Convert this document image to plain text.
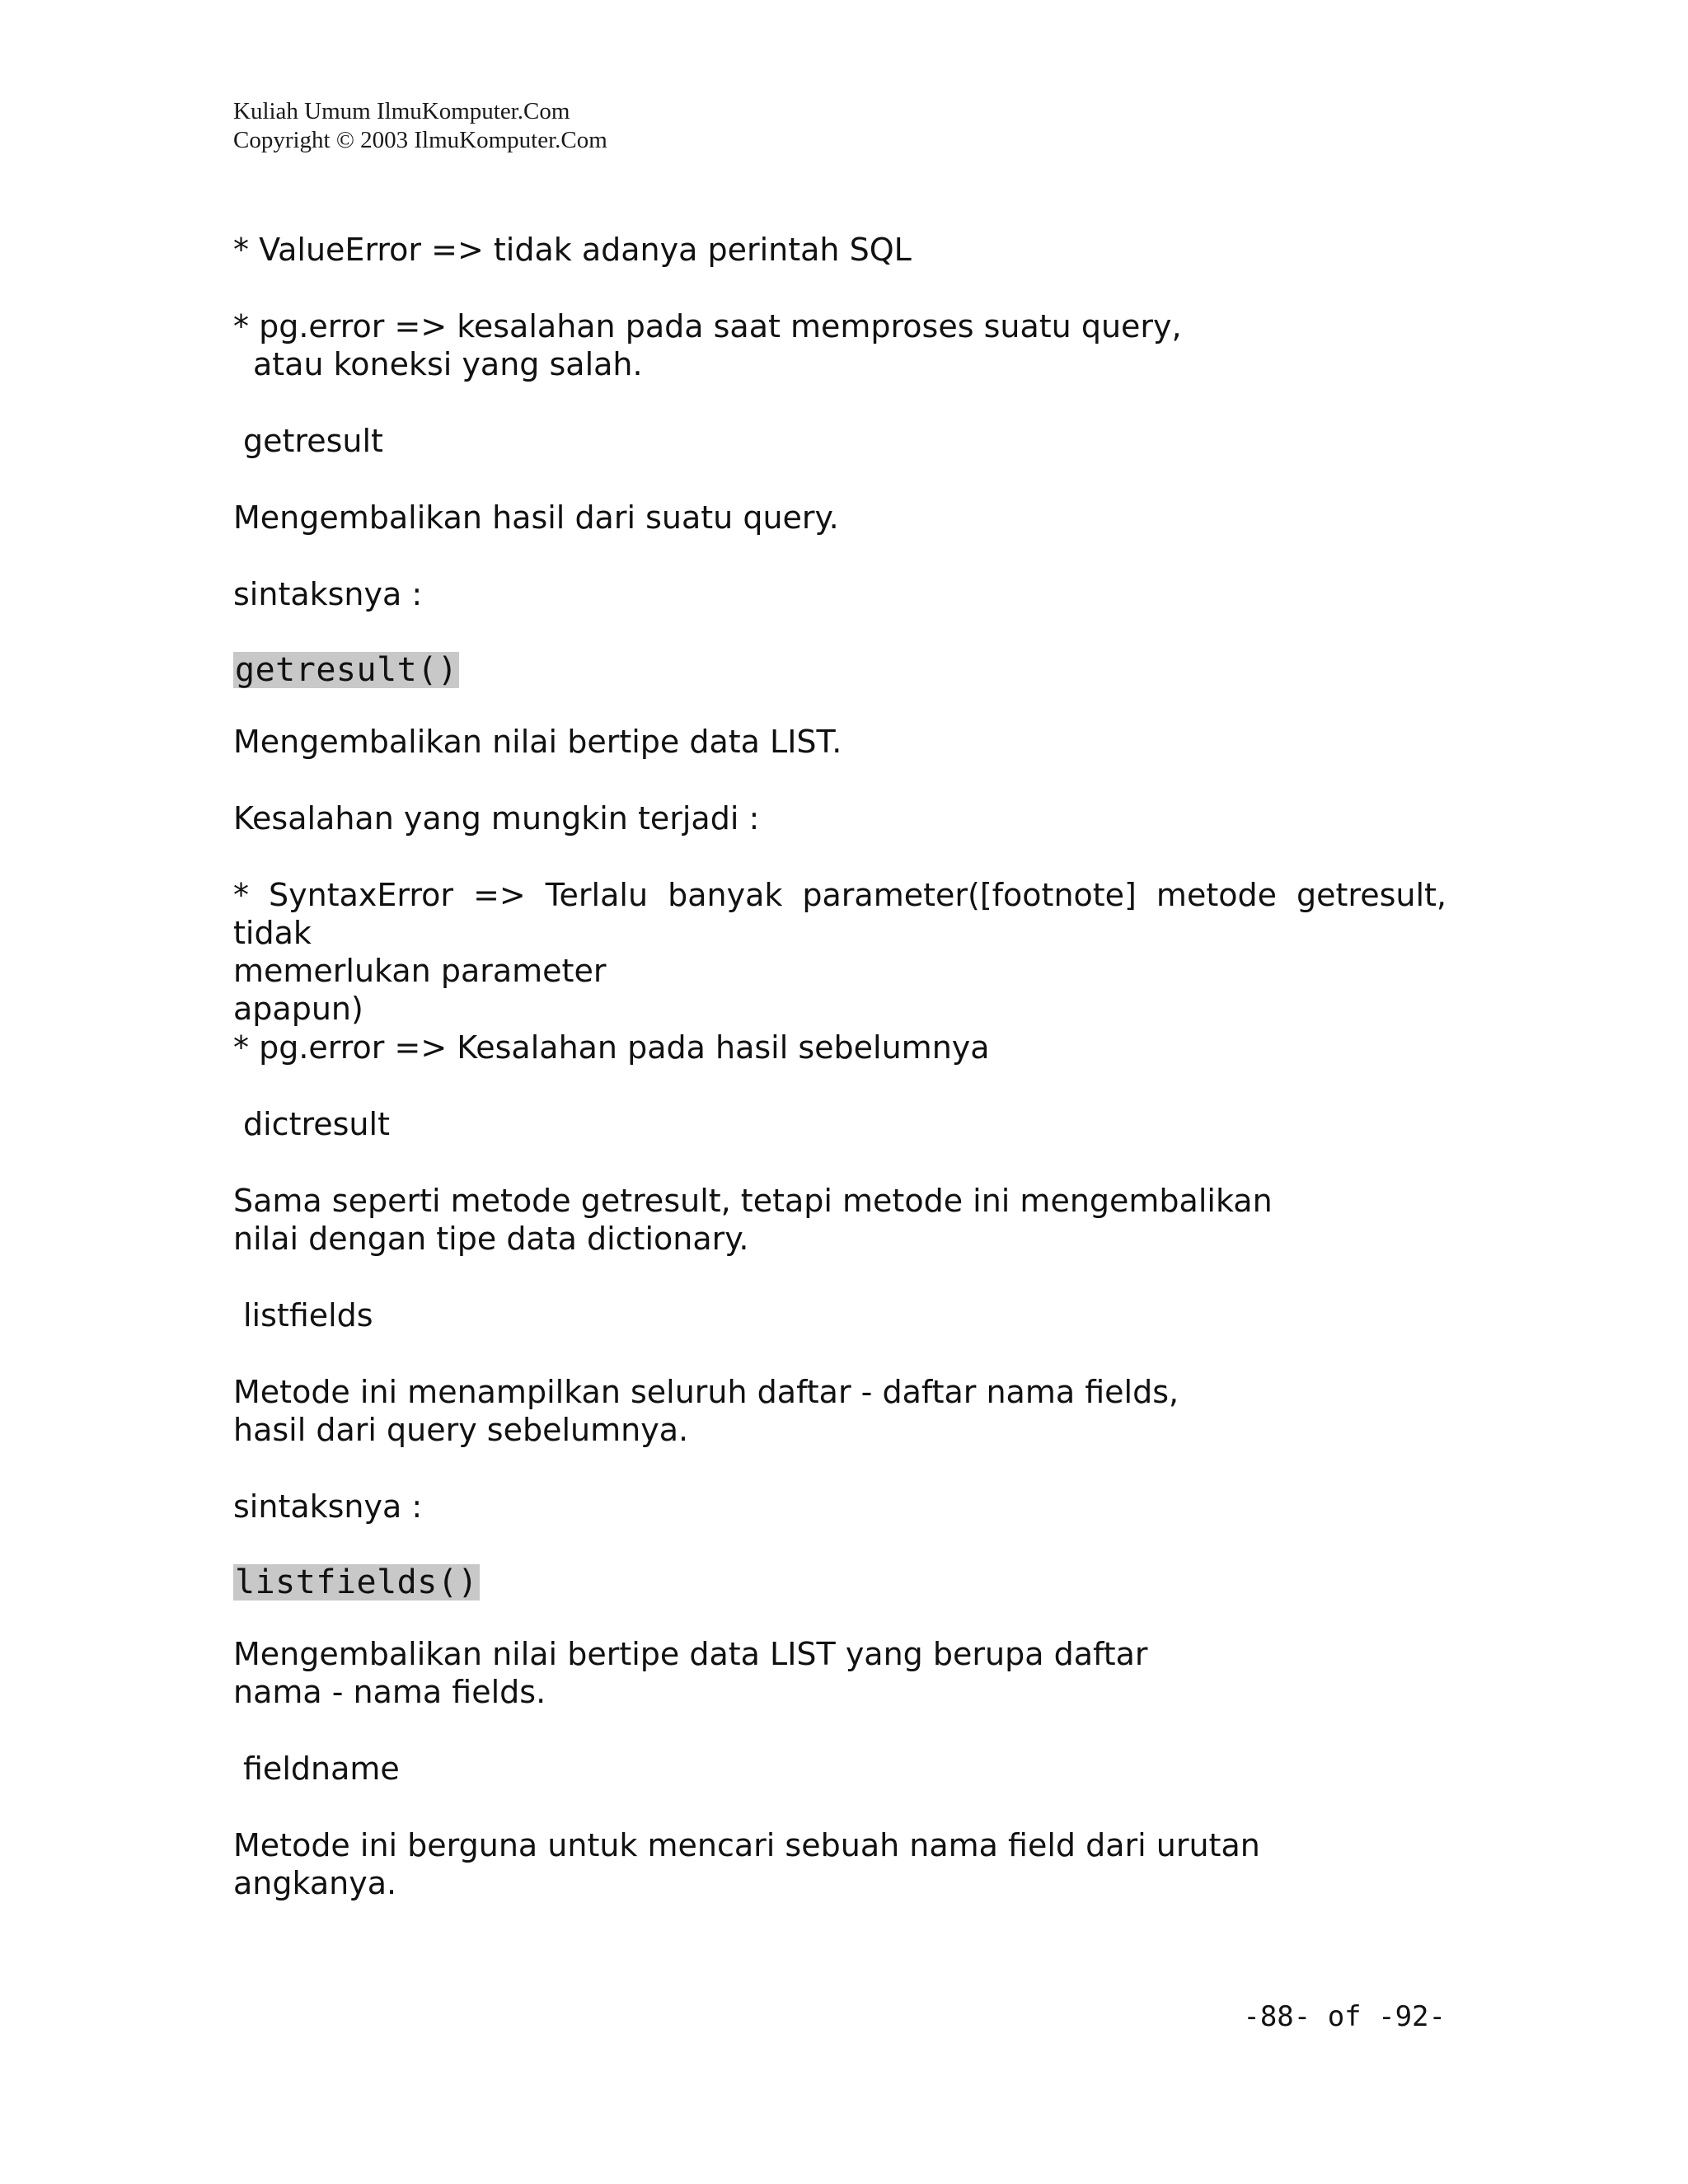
Kuliah Umum IlmuKomputer.Com
Copyright © 2003 IlmuKomputer.Com
* ValueError => tidak adanya perintah SQL
* pg.error => kesalahan pada saat memproses suatu query,
atau koneksi yang salah.
getresult
Mengembalikan hasil dari suatu query.
sintaksnya :
getresult()
Mengembalikan nilai bertipe data LIST.
Kesalahan yang mungkin terjadi :
* SyntaxError => Terlalu banyak parameter([footnote] metode getresult, tidak
memerlukan parameter
apapun)
* pg.error => Kesalahan pada hasil sebelumnya
dictresult
Sama seperti metode getresult, tetapi metode ini mengembalikan
nilai dengan tipe data dictionary.
listfields
Metode ini menampilkan seluruh daftar - daftar nama fields,
hasil dari query sebelumnya.
sintaksnya :
listfields()
Mengembalikan nilai bertipe data LIST yang berupa daftar
nama - nama fields.
fieldname
Metode ini berguna untuk mencari sebuah nama field dari urutan
angkanya.
-88- of -92-
